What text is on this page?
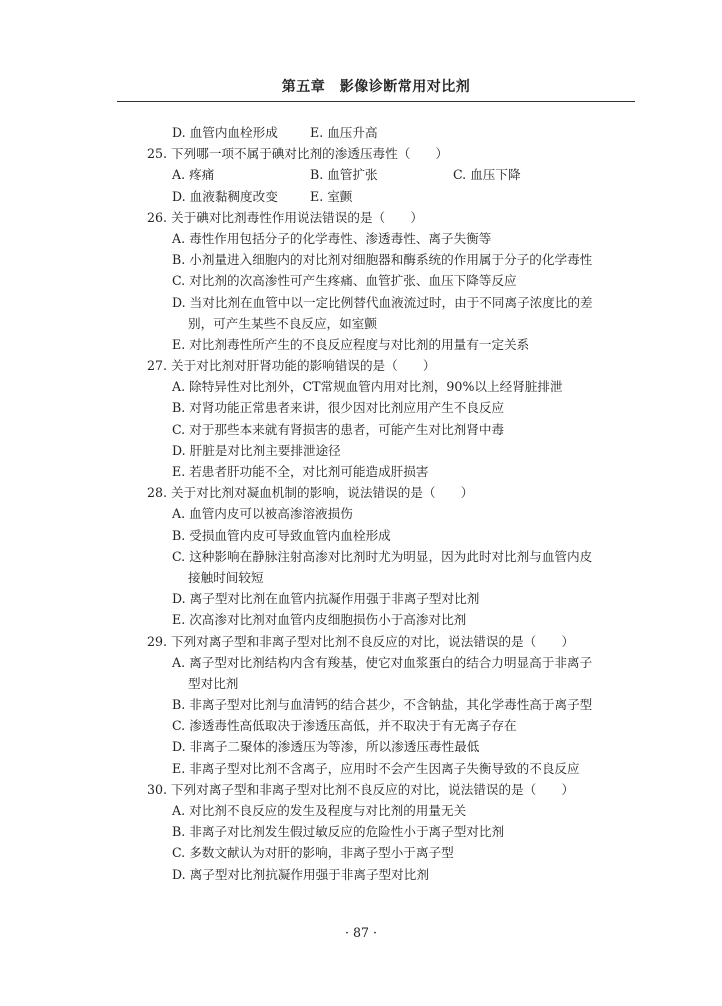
第五章　影像诊断常用对比剂
D. 血管内血栓形成	E. 血压升高
25. 下列哪一项不属于碘对比剂的渗透压毒性（　　）
A. 疼痛	B. 血管扩张	C. 血压下降
D. 血液黏稠度改变	E. 室颤
26. 关于碘对比剂毒性作用说法错误的是（　　）
A. 毒性作用包括分子的化学毒性、渗透毒性、离子失衡等
B. 小剂量进入细胞内的对比剂对细胞器和酶系统的作用属于分子的化学毒性
C. 对比剂的次高渗性可产生疼痛、血管扩张、血压下降等反应
D. 当对比剂在血管中以一定比例替代血液流过时，由于不同离子浓度比的差
别，可产生某些不良反应，如室颤
E. 对比剂毒性所产生的不良反应程度与对比剂的用量有一定关系
27. 关于对比剂对肝肾功能的影响错误的是（　　）
A. 除特异性对比剂外，CT常规血管内用对比剂，90%以上经肾脏排泄
B. 对肾功能正常患者来讲，很少因对比剂应用产生不良反应
C. 对于那些本来就有肾损害的患者，可能产生对比剂肾中毒
D. 肝脏是对比剂主要排泄途径
E. 若患者肝功能不全，对比剂可能造成肝损害
28. 关于对比剂对凝血机制的影响，说法错误的是（　　）
A. 血管内皮可以被高渗溶液损伤
B. 受损血管内皮可导致血管内血栓形成
C. 这种影响在静脉注射高渗对比剂时尤为明显，因为此时对比剂与血管内皮
接触时间较短
D. 离子型对比剂在血管内抗凝作用强于非离子型对比剂
E. 次高渗对比剂对血管内皮细胞损伤小于高渗对比剂
29. 下列对离子型和非离子型对比剂不良反应的对比，说法错误的是（　　）
A. 离子型对比剂结构内含有羧基，使它对血浆蛋白的结合力明显高于非离子
型对比剂
B. 非离子型对比剂与血清钙的结合甚少，不含钠盐，其化学毒性高于离子型
C. 渗透毒性高低取决于渗透压高低，并不取决于有无离子存在
D. 非离子二聚体的渗透压为等渗，所以渗透压毒性最低
E. 非离子型对比剂不含离子，应用时不会产生因离子失衡导致的不良反应
30. 下列对离子型和非离子型对比剂不良反应的对比，说法错误的是（　　）
A. 对比剂不良反应的发生及程度与对比剂的用量无关
B. 非离子对比剂发生假过敏反应的危险性小于离子型对比剂
C. 多数文献认为对肝的影响，非离子型小于离子型
D. 离子型对比剂抗凝作用强于非离子型对比剂
· 87 ·
